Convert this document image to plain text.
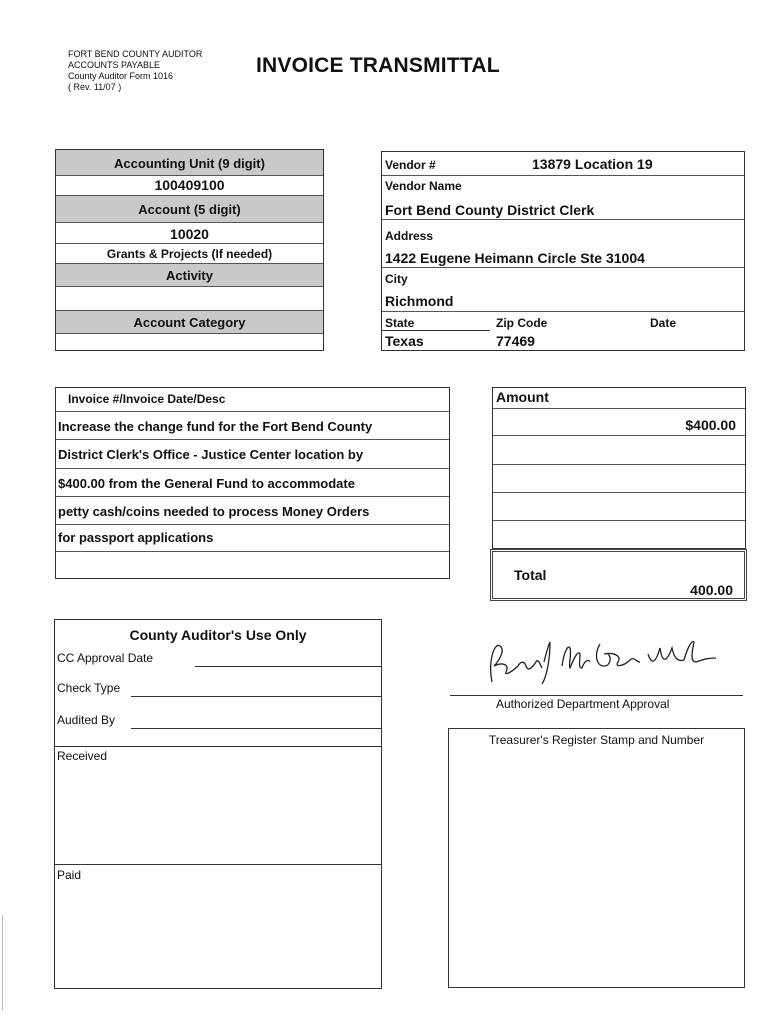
FORT BEND COUNTY AUDITOR
ACCOUNTS PAYABLE
County Auditor Form 1016
( Rev. 11/07 )
INVOICE TRANSMITTAL
Accounting Unit (9 digit)
100409100
Account (5 digit)
10020
Grants & Projects (If needed)
Activity
Account Category
Vendor #	13879 Location 19
Vendor Name
Fort Bend County District Clerk
Address
1422 Eugene Heimann Circle Ste 31004
City
Richmond
State	Zip Code	Date
Texas	77469
Invoice #/Invoice Date/Desc
Increase the change fund for the Fort Bend County
District Clerk's Office - Justice Center location by
$400.00 from the General Fund to accommodate
petty cash/coins needed to process Money Orders
for passport applications
Amount
$400.00
Total
400.00
County Auditor's Use Only
CC Approval Date
Check Type
Audited By
Received
Paid
Authorized Department Approval
Treasurer's Register Stamp and Number
